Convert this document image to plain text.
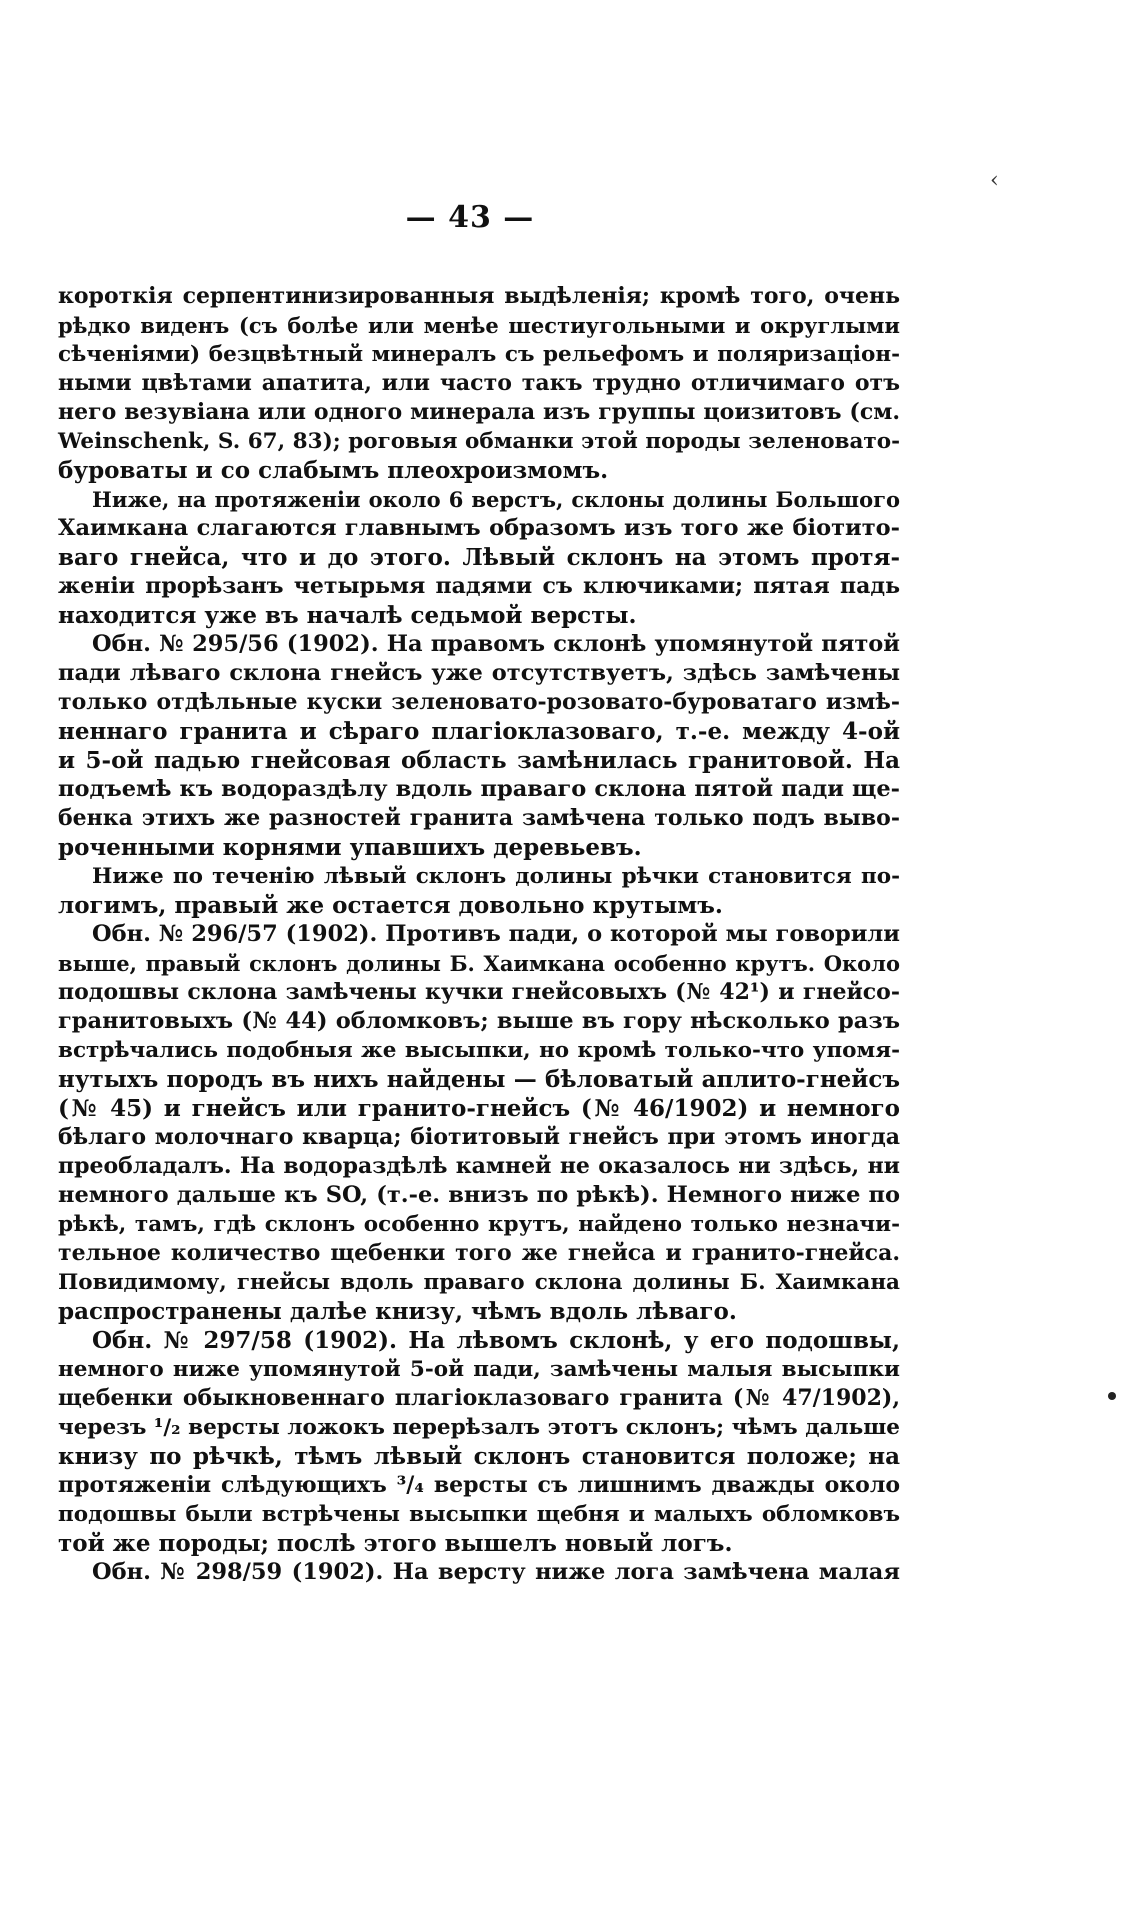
— 43 —
‹
короткія серпентинизированныя выдѣленія; кромѣ того, очень
рѣдко виденъ (съ болѣе или менѣе шестиугольными и округлыми
сѣченіями) безцвѣтный минералъ съ рельефомъ и поляризаціон-
ными цвѣтами апатита, или часто такъ трудно отличимаго отъ
него везувіана или одного минерала изъ группы цоизитовъ (см.
Weinschenk, S. 67, 83); роговыя обманки этой породы зеленовато-
буроваты и со слабымъ плеохроизмомъ.
Ниже, на протяженіи около 6 верстъ, склоны долины Большого
Хаимкана слагаются главнымъ образомъ изъ того же біотито-
ваго гнейса, что и до этого. Лѣвый склонъ на этомъ протя-
женіи прорѣзанъ четырьмя падями съ ключиками; пятая падь
находится уже въ началѣ седьмой версты.
Обн. № 295/56 (1902). На правомъ склонѣ упомянутой пятой
пади лѣваго склона гнейсъ уже отсутствуетъ, здѣсь замѣчены
только отдѣльные куски зеленовато-розовато-буроватаго измѣ-
неннаго гранита и сѣраго плагіоклазоваго, т.-е. между 4-ой
и 5-ой падью гнейсовая область замѣнилась гранитовой. На
подъемѣ къ водораздѣлу вдоль праваго склона пятой пади ще-
бенка этихъ же разностей гранита замѣчена только подъ выво-
роченными корнями упавшихъ деревьевъ.
Ниже по теченію лѣвый склонъ долины рѣчки становится по-
логимъ, правый же остается довольно крутымъ.
Обн. № 296/57 (1902). Противъ пади, о которой мы говорили
выше, правый склонъ долины Б. Хаимкана особенно крутъ. Около
подошвы склона замѣчены кучки гнейсовыхъ (№ 42¹) и гнейсо-
гранитовыхъ (№ 44) обломковъ; выше въ гору нѣсколько разъ
встрѣчались подобныя же высыпки, но кромѣ только-что упомя-
нутыхъ породъ въ нихъ найдены — бѣловатый аплито-гнейсъ
(№ 45) и гнейсъ или гранито-гнейсъ (№ 46/1902) и немного
бѣлаго молочнаго кварца; біотитовый гнейсъ при этомъ иногда
преобладалъ. На водораздѣлѣ камней не оказалось ни здѣсь, ни
немного дальше къ SO, (т.-е. внизъ по рѣкѣ). Немного ниже по
рѣкѣ, тамъ, гдѣ склонъ особенно крутъ, найдено только незначи-
тельное количество щебенки того же гнейса и гранито-гнейса.
Повидимому, гнейсы вдоль праваго склона долины Б. Хаимкана
распространены далѣе книзу, чѣмъ вдоль лѣваго.
Обн. № 297/58 (1902). На лѣвомъ склонѣ, у его подошвы,
немного ниже упомянутой 5-ой пади, замѣчены малыя высыпки
щебенки обыкновеннаго плагіоклазоваго гранита (№ 47/1902),
черезъ ¹/₂ версты ложокъ перерѣзалъ этотъ склонъ; чѣмъ дальше
книзу по рѣчкѣ, тѣмъ лѣвый склонъ становится положе; на
протяженіи слѣдующихъ ³/₄ версты съ лишнимъ дважды около
подошвы были встрѣчены высыпки щебня и малыхъ обломковъ
той же породы; послѣ этого вышелъ новый логъ.
Обн. № 298/59 (1902). На версту ниже лога замѣчена малая
